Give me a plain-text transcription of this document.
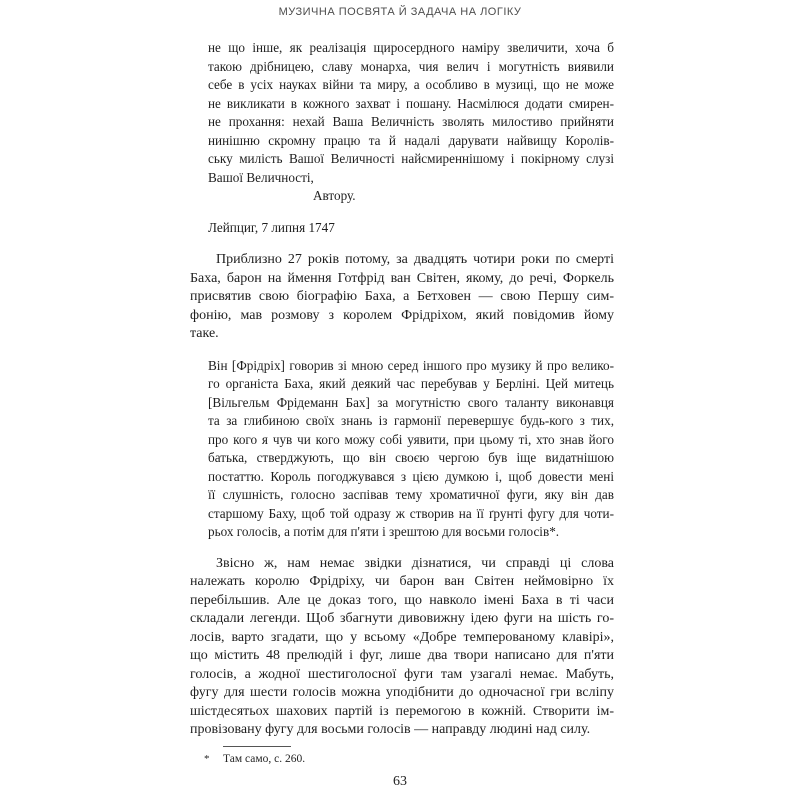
МУЗИЧНА ПОСВЯТА Й ЗАДАЧА НА ЛОГІКУ
не що інше, як реалізація щиросердного наміру звеличити, хоча б
такою дрібницею, славу монарха, чия велич і могутність виявили
себе в усіх науках війни та миру, а особливо в музиці, що не може
не викликати в кожного захват і пошану. Насмілюся додати смирен-
не прохання: нехай Ваша Величність зволять милостиво прийняти
нинішню скромну працю та й надалі дарувати найвищу Королів-
ську милість Вашої Величності найсмиреннішому і покірному слузі
Вашої Величності,
Автору.
Лейпциг, 7 липня 1747
Приблизно 27 років потому, за двадцять чотири роки по смерті
Баха, барон на ймення Готфрід ван Світен, якому, до речі, Форкель
присвятив свою біографію Баха, а Бетховен — свою Першу сим-
фонію, мав розмову з королем Фрідріхом, який повідомив йому
таке.
Він [Фрідріх] говорив зі мною серед іншого про музику й про велико-
го органіста Баха, який деякий час перебував у Берліні. Цей митець
[Вільгельм Фрідеманн Бах] за могутністю свого таланту виконавця
та за глибиною своїх знань із гармонії перевершує будь-кого з тих,
про кого я чув чи кого можу собі уявити, при цьому ті, хто знав його
батька, стверджують, що він своєю чергою був іще видатнішою
постаттю. Король погоджувався з цією думкою і, щоб довести мені
її слушність, голосно заспівав тему хроматичної фуги, яку він дав
старшому Баху, щоб той одразу ж створив на її ґрунті фугу для чоти-
рьох голосів, а потім для п'яти і зрештою для восьми голосів*.
Звісно ж, нам немає звідки дізнатися, чи справді ці слова
належать королю Фрідріху, чи барон ван Світен неймовірно їх
перебільшив. Але це доказ того, що навколо імені Баха в ті часи
складали легенди. Щоб збагнути дивовижну ідею фуги на шість го-
лосів, варто згадати, що у всьому «Добре темперованому клавірі»,
що містить 48 прелюдій і фуг, лише два твори написано для п'яти
голосів, а жодної шестиголосної фуги там узагалі немає. Мабуть,
фугу для шести голосів можна уподібнити до одночасної гри всліпу
шістдесятьох шахових партій із перемогою в кожній. Створити ім-
провізовану фугу для восьми голосів — направду людині над силу.
*	Там само, с. 260.
63
